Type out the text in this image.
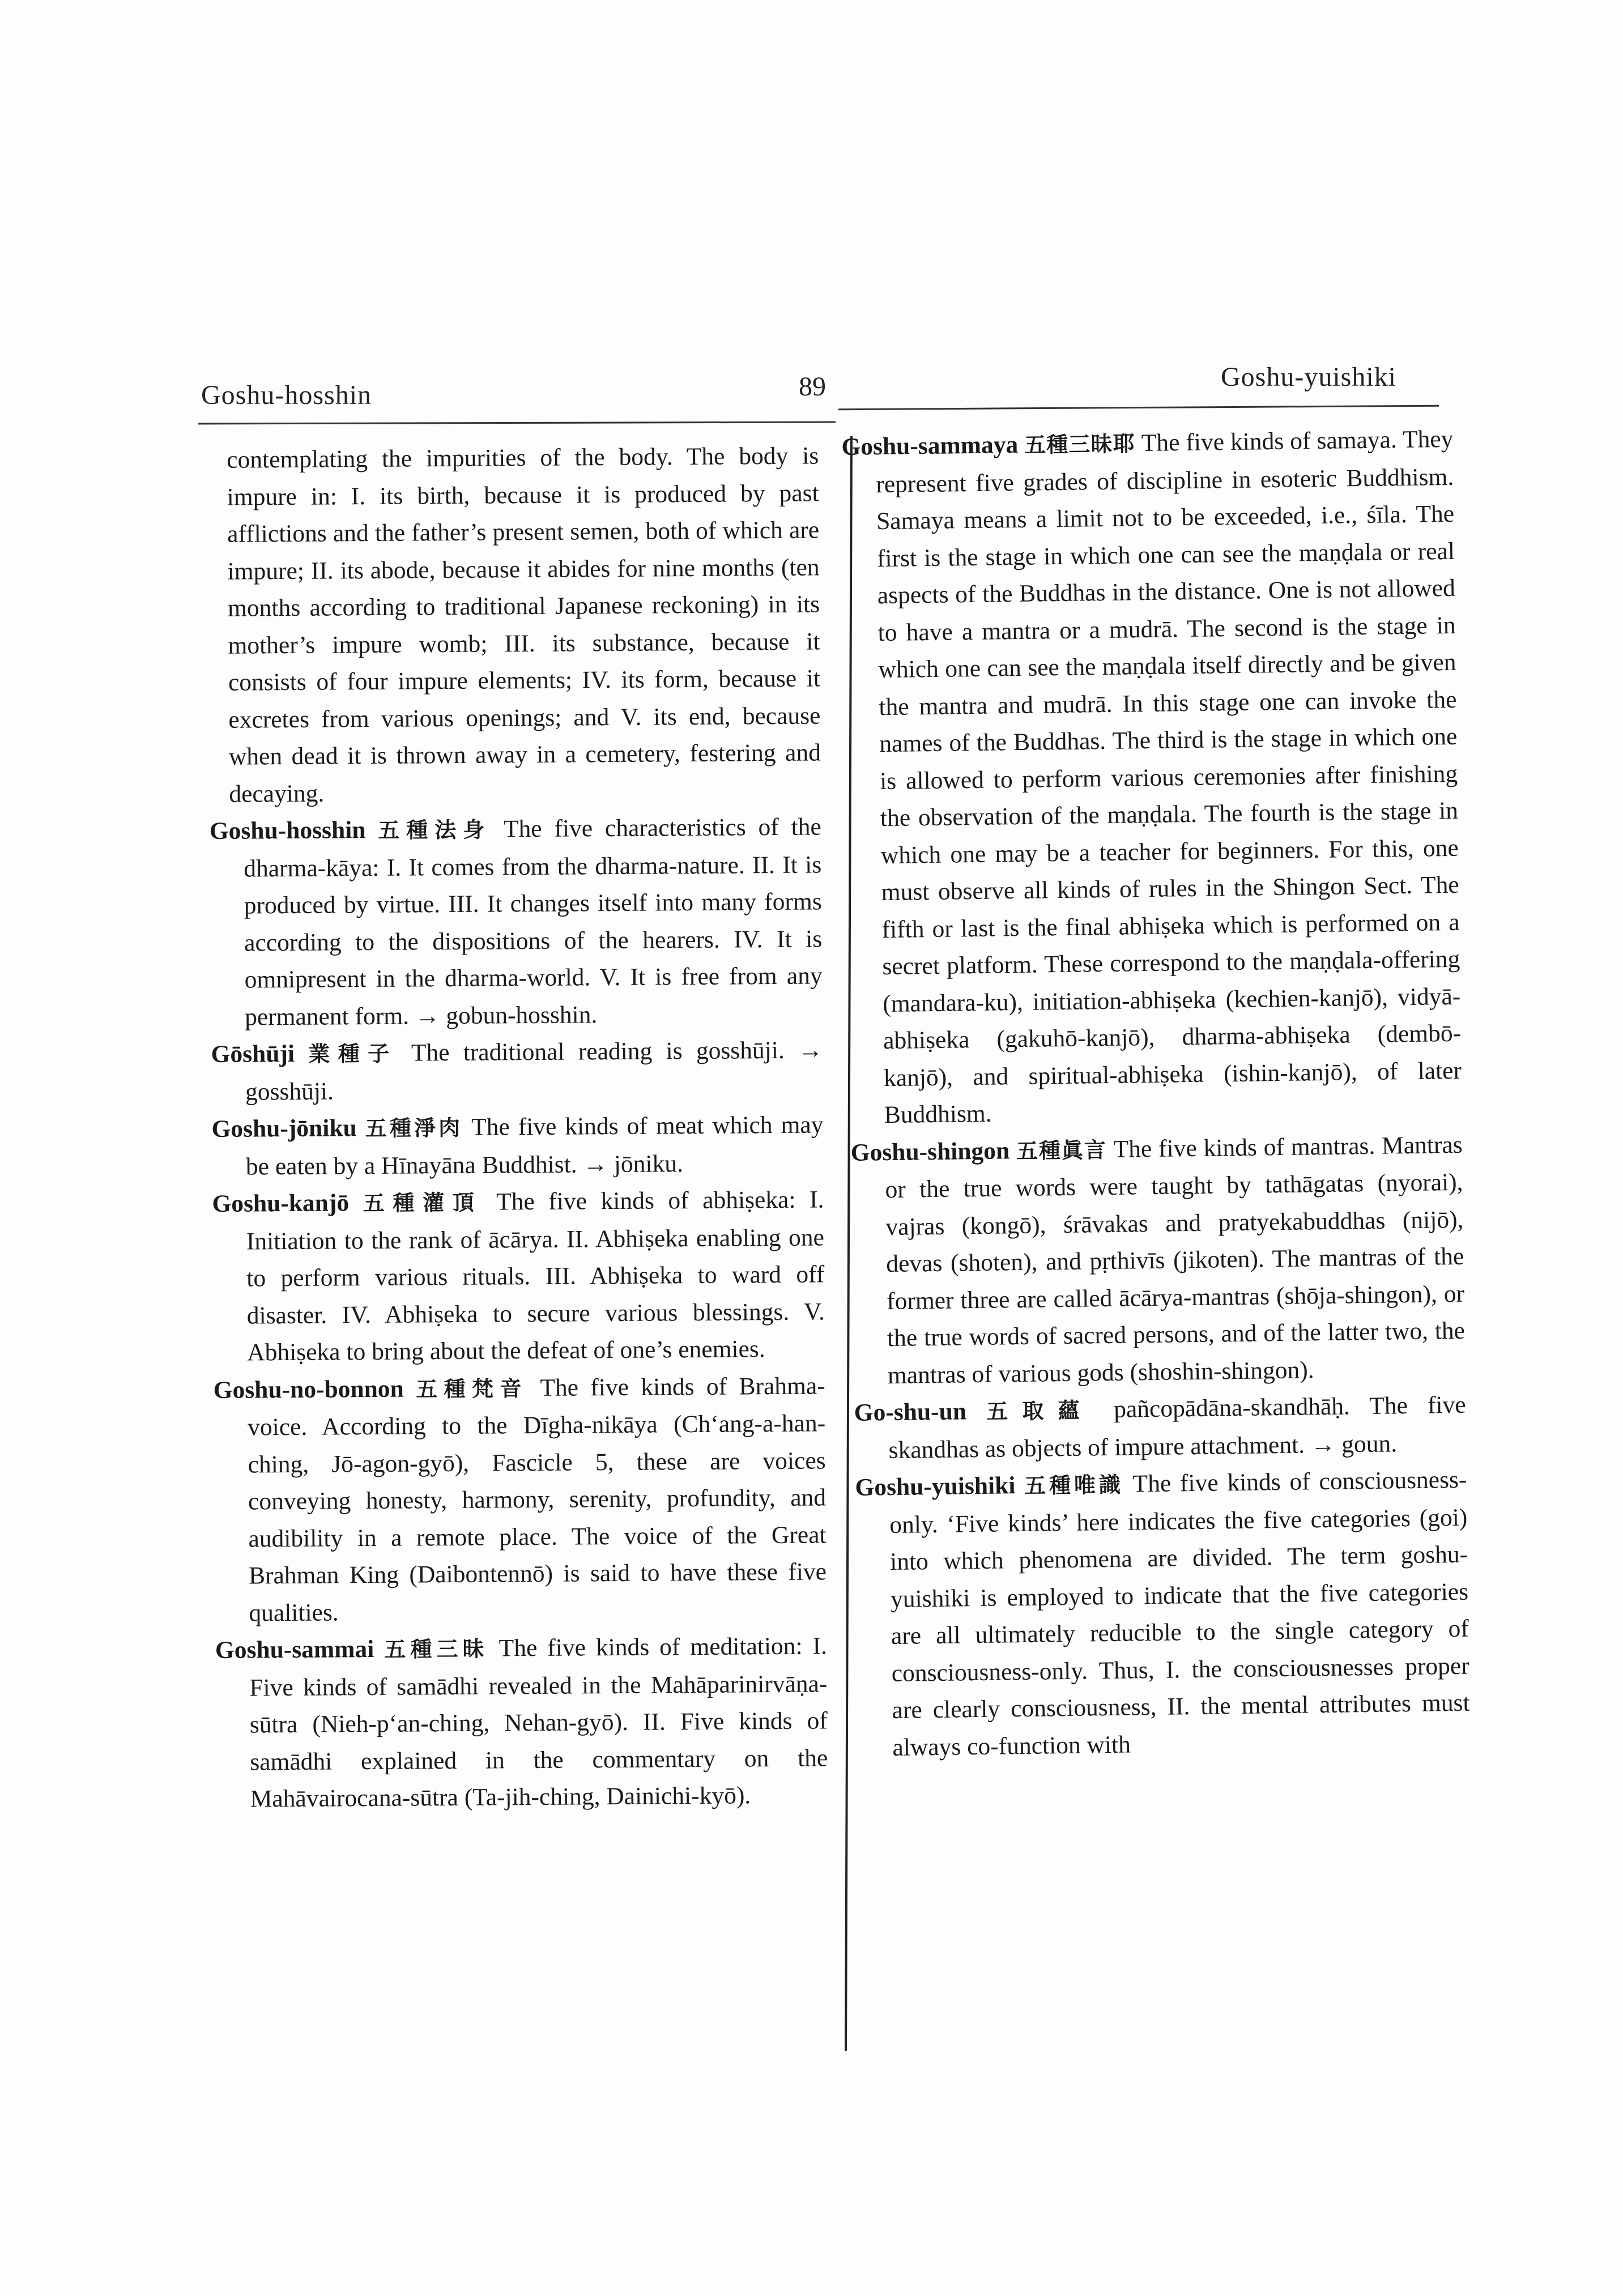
Goshu-hosshin	89	Goshu-yuishiki

contemplating the impurities of the body. The body is impure in: I. its birth, because it is produced by past afflictions and the father’s present semen, both of which are impure; II. its abode, because it abides for nine months (ten months according to traditional Japanese reckoning) in its mother’s impure womb; III. its substance, because it consists of four impure elements; IV. its form, because it excretes from various openings; and V. its end, because when dead it is thrown away in a cemetery, festering and decaying.

Goshu-hosshin 五種法身 The five characteristics of the dharma-kāya: I. It comes from the dharma-nature. II. It is produced by virtue. III. It changes itself into many forms according to the dispositions of the hearers. IV. It is omnipresent in the dharma-world. V. It is free from any permanent form. → gobun-hosshin.

Gōshūji 業種子 The traditional reading is gosshūji. → gosshūji.

Goshu-jōniku 五種淨肉 The five kinds of meat which may be eaten by a Hīnayāna Buddhist. → jōniku.

Goshu-kanjō 五種灌頂 The five kinds of abhiṣeka: I. Initiation to the rank of ācārya. II. Abhiṣeka enabling one to perform various rituals. III. Abhiṣeka to ward off disaster. IV. Abhiṣeka to secure various blessings. V. Abhiṣeka to bring about the defeat of one’s enemies.

Goshu-no-bonnon 五種梵音 The five kinds of Brahma-voice. According to the Dīgha-nikāya (Ch‘ang-a-han-ching, Jō-agon-gyō), Fascicle 5, these are voices conveying honesty, harmony, serenity, profundity, and audibility in a remote place. The voice of the Great Brahman King (Daibontennō) is said to have these five qualities.

Goshu-sammai 五種三昧 The five kinds of meditation: I. Five kinds of samādhi revealed in the Mahāparinirvāṇa-sūtra (Nieh-p‘an-ching, Nehan-gyō). II. Five kinds of samādhi explained in the commentary on the Mahāvairocana-sūtra (Ta-jih-ching, Dainichi-kyō).

Goshu-sammaya 五種三昧耶 The five kinds of samaya. They represent five grades of discipline in esoteric Buddhism. Samaya means a limit not to be exceeded, i.e., śīla. The first is the stage in which one can see the maṇḍala or real aspects of the Buddhas in the distance. One is not allowed to have a mantra or a mudrā. The second is the stage in which one can see the maṇḍala itself directly and be given the mantra and mudrā. In this stage one can invoke the names of the Buddhas. The third is the stage in which one is allowed to perform various ceremonies after finishing the observation of the maṇḍala. The fourth is the stage in which one may be a teacher for beginners. For this, one must observe all kinds of rules in the Shingon Sect. The fifth or last is the final abhiṣeka which is performed on a secret platform. These correspond to the maṇḍala-offering (mandara-ku), initiation-abhiṣeka (kechien-kanjō), vidyā-abhiṣeka (gakuhō-kanjō), dharma-abhiṣeka (dembō-kanjō), and spiritual-abhiṣeka (ishin-kanjō), of later Buddhism.

Goshu-shingon 五種眞言 The five kinds of mantras. Mantras or the true words were taught by tathāgatas (nyorai), vajras (kongō), śrāvakas and pratyekabuddhas (nijō), devas (shoten), and pṛthivīs (jikoten). The mantras of the former three are called ācārya-mantras (shōja-shingon), or the true words of sacred persons, and of the latter two, the mantras of various gods (shoshin-shingon).

Go-shu-un 五取蘊 pañcopādāna-skandhāḥ. The five skandhas as objects of impure attachment. → goun.

Goshu-yuishiki 五種唯識 The five kinds of consciousness-only. ‘Five kinds’ here indicates the five categories (goi) into which phenomena are divided. The term goshu-yuishiki is employed to indicate that the five categories are all ultimately reducible to the single category of consciousness-only. Thus, I. the consciousnesses proper are clearly consciousness, II. the mental attributes must always co-function with
